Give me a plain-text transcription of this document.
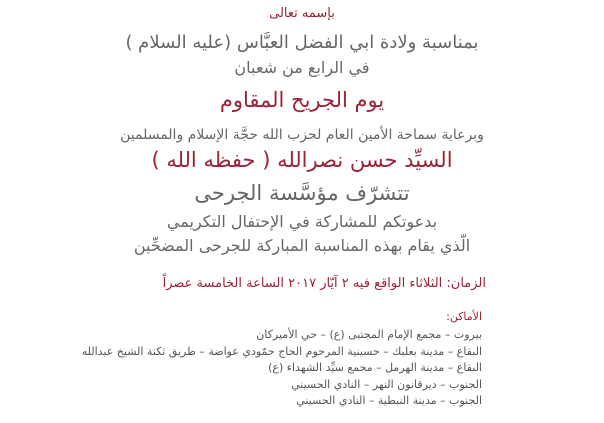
بإسمه تعالى
بمناسبة ولادة ابي الفضل العبَّاس (عليه السلام )
في الرابع من شعبان
يوم الجريح المقاوم
وبرعاية سماحة الأمين العام لحزب الله حجَّة الإسلام والمسلمين
السيِّد حسن نصرالله ( حفظه الله )
تتشرّف مؤسَّسة الجرحى
بدعوتكم للمشاركة في الإحتفال التكريمي
الّذي يقام بهذه المناسبة المباركة للجرحى المضحِّين
الزمان: الثلاثاء الواقع فيه ٢ آيّار ٢٠١٧ الساعة الخامسة عصراً
الأماكن:
بيروت – مجمع الإمام المجتبى (ع) – حي الأميركان
البقاع – مدينة بعلبك – حسينية المرحوم الحاج حمّودي عواضة – طريق ثكنة الشيخ عبدالله
البقاع – مدينة الهرمل – مجمع سيِّد الشهداء (ع)
الجنوب – ديرقانون النهر – النادي الحسيني
الجنوب – مدينة النبطية – النادي الحسيني
